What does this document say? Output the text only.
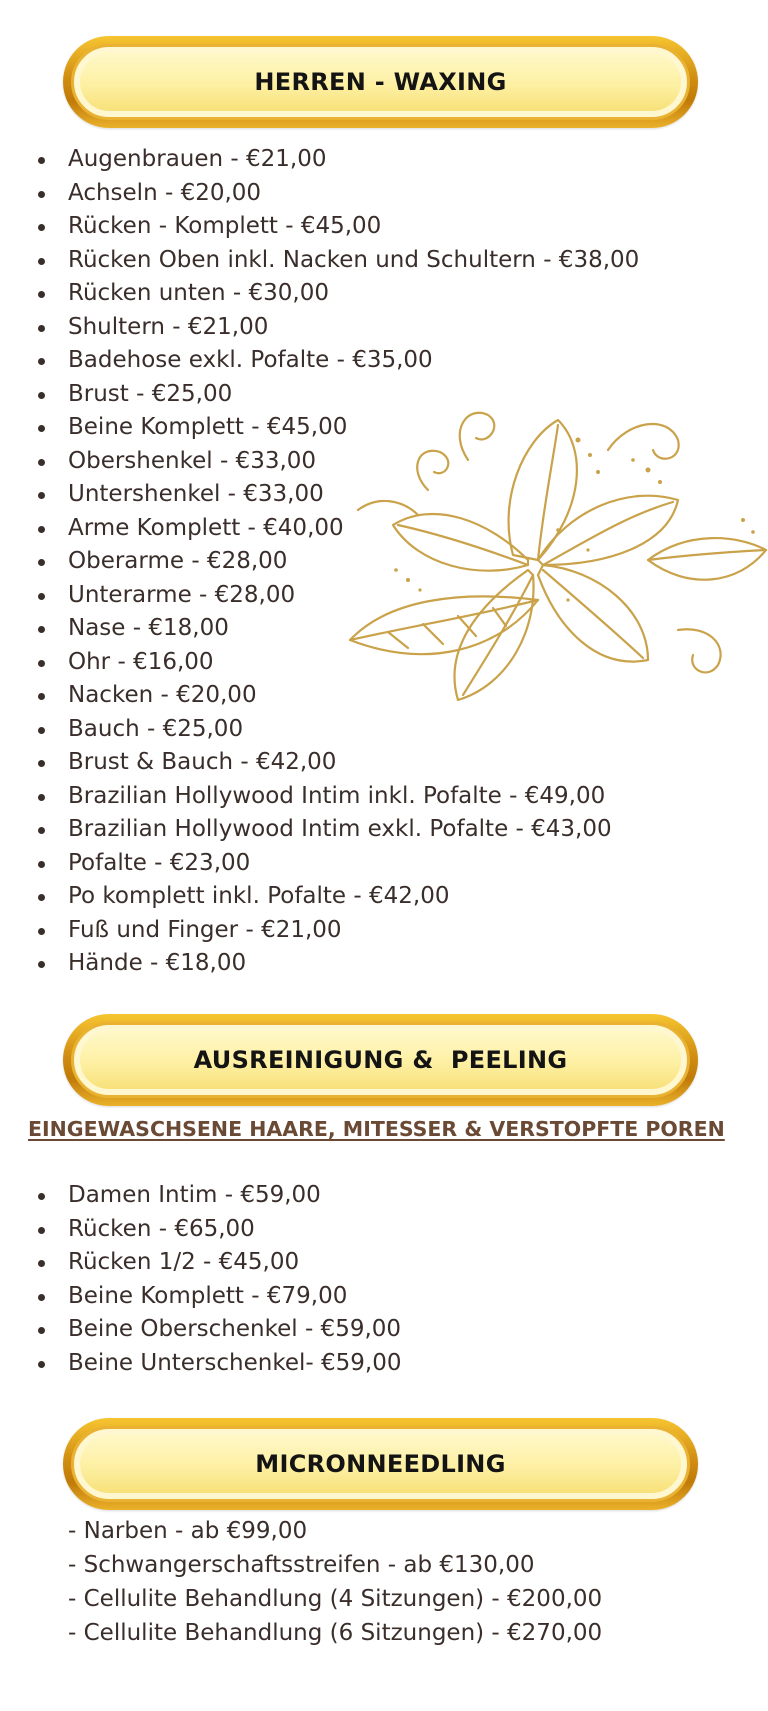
HERREN - WAXING
Augenbrauen - €21,00
Achseln - €20,00
Rücken - Komplett - €45,00
Rücken Oben inkl. Nacken und Schultern - €38,00
Rücken unten - €30,00
Shultern - €21,00
Badehose exkl. Pofalte - €35,00
Brust - €25,00
Beine Komplett - €45,00
Obershenkel - €33,00
Untershenkel - €33,00
Arme Komplett - €40,00
Oberarme - €28,00
Unterarme - €28,00
Nase - €18,00
Ohr - €16,00
Nacken - €20,00
Bauch - €25,00
Brust & Bauch - €42,00
Brazilian Hollywood Intim inkl. Pofalte - €49,00
Brazilian Hollywood Intim exkl. Pofalte - €43,00
Pofalte - €23,00
Po komplett inkl. Pofalte - €42,00
Fuß und Finger - €21,00
Hände - €18,00
AUSREINIGUNG &  PEELING
EINGEWASCHSENE HAARE, MITESSER & VERSTOPFTE POREN
Damen Intim - €59,00
Rücken - €65,00
Rücken 1/2 - €45,00
Beine Komplett - €79,00
Beine Oberschenkel - €59,00
Beine Unterschenkel- €59,00
MICRONNEEDLING
- Narben - ab €99,00
- Schwangerschaftsstreifen - ab €130,00
- Cellulite Behandlung (4 Sitzungen) - €200,00
- Cellulite Behandlung (6 Sitzungen) - €270,00
